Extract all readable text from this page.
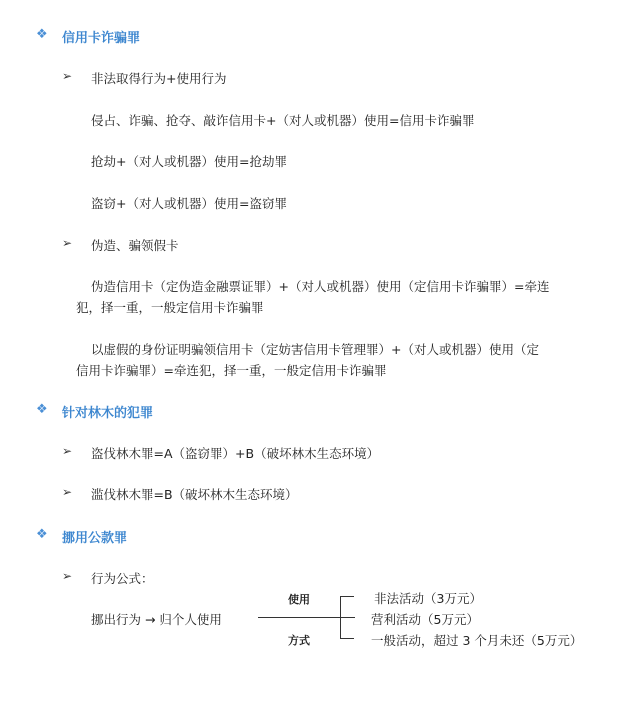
❖ 信用卡诈骗罪
➢ 非法取得行为+使用行为
侵占、诈骗、抢夺、敲诈信用卡+（对人或机器）使用=信用卡诈骗罪
抢劫+（对人或机器）使用=抢劫罪
盗窃+（对人或机器）使用=盗窃罪
➢ 伪造、骗领假卡
伪造信用卡（定伪造金融票证罪）+（对人或机器）使用（定信用卡诈骗罪）=牵连
犯，择一重，一般定信用卡诈骗罪
以虚假的身份证明骗领信用卡（定妨害信用卡管理罪）+（对人或机器）使用（定
信用卡诈骗罪）=牵连犯，择一重，一般定信用卡诈骗罪
❖ 针对林木的犯罪
➢ 盗伐林木罪=A（盗窃罪）+B（破坏林木生态环境）
➢ 滥伐林木罪=B（破坏林木生态环境）
❖ 挪用公款罪
➢ 行为公式：
挪出行为 → 归个人使用
使用
方式
非法活动（3万元）
营利活动（5万元）
一般活动，超过 3 个月未还（5万元）
